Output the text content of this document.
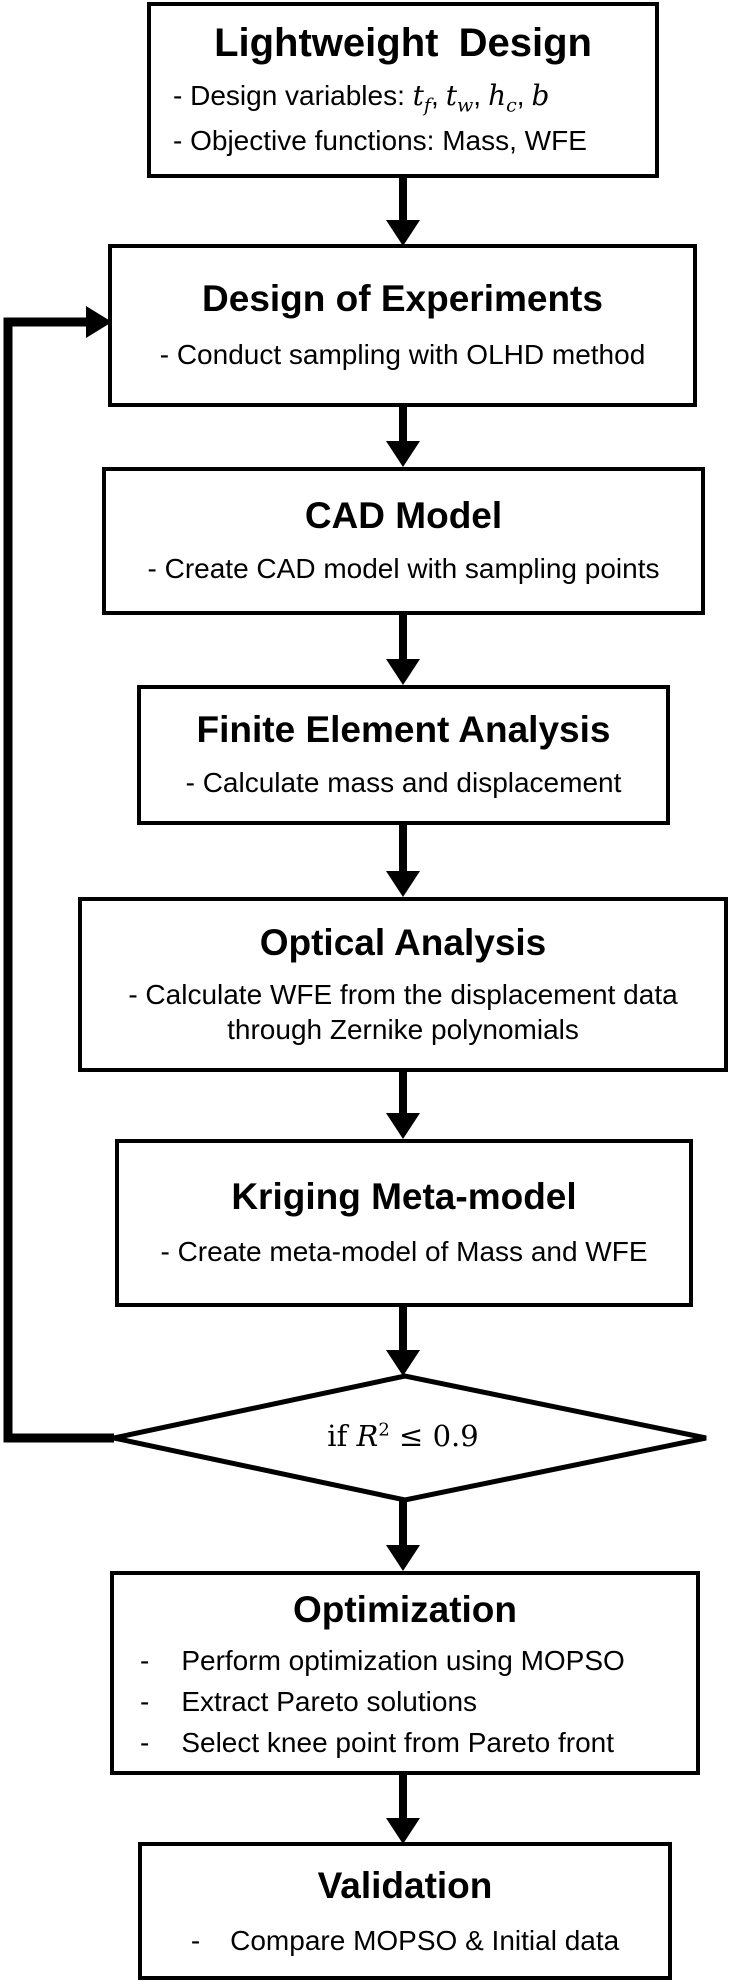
Lightweight Design
- Design variables: $t_f$, $t_w$, $h_c$, b
- Objective functions: Mass, WFE
Design of Experiments
- Conduct sampling with OLHD method
CAD Model
- Create CAD model with sampling points
Finite Element Analysis
- Calculate mass and displacement
Optical Analysis
- Calculate WFE from the displacement data
through Zernike polynomials
Kriging Meta-model
- Create meta-model of Mass and WFE
if $R^2 \le 0.9$
Optimization
- Perform optimization using MOPSO
- Extract Pareto solutions
- Select knee point from Pareto front
Validation
- Compare MOPSO & Initial data
